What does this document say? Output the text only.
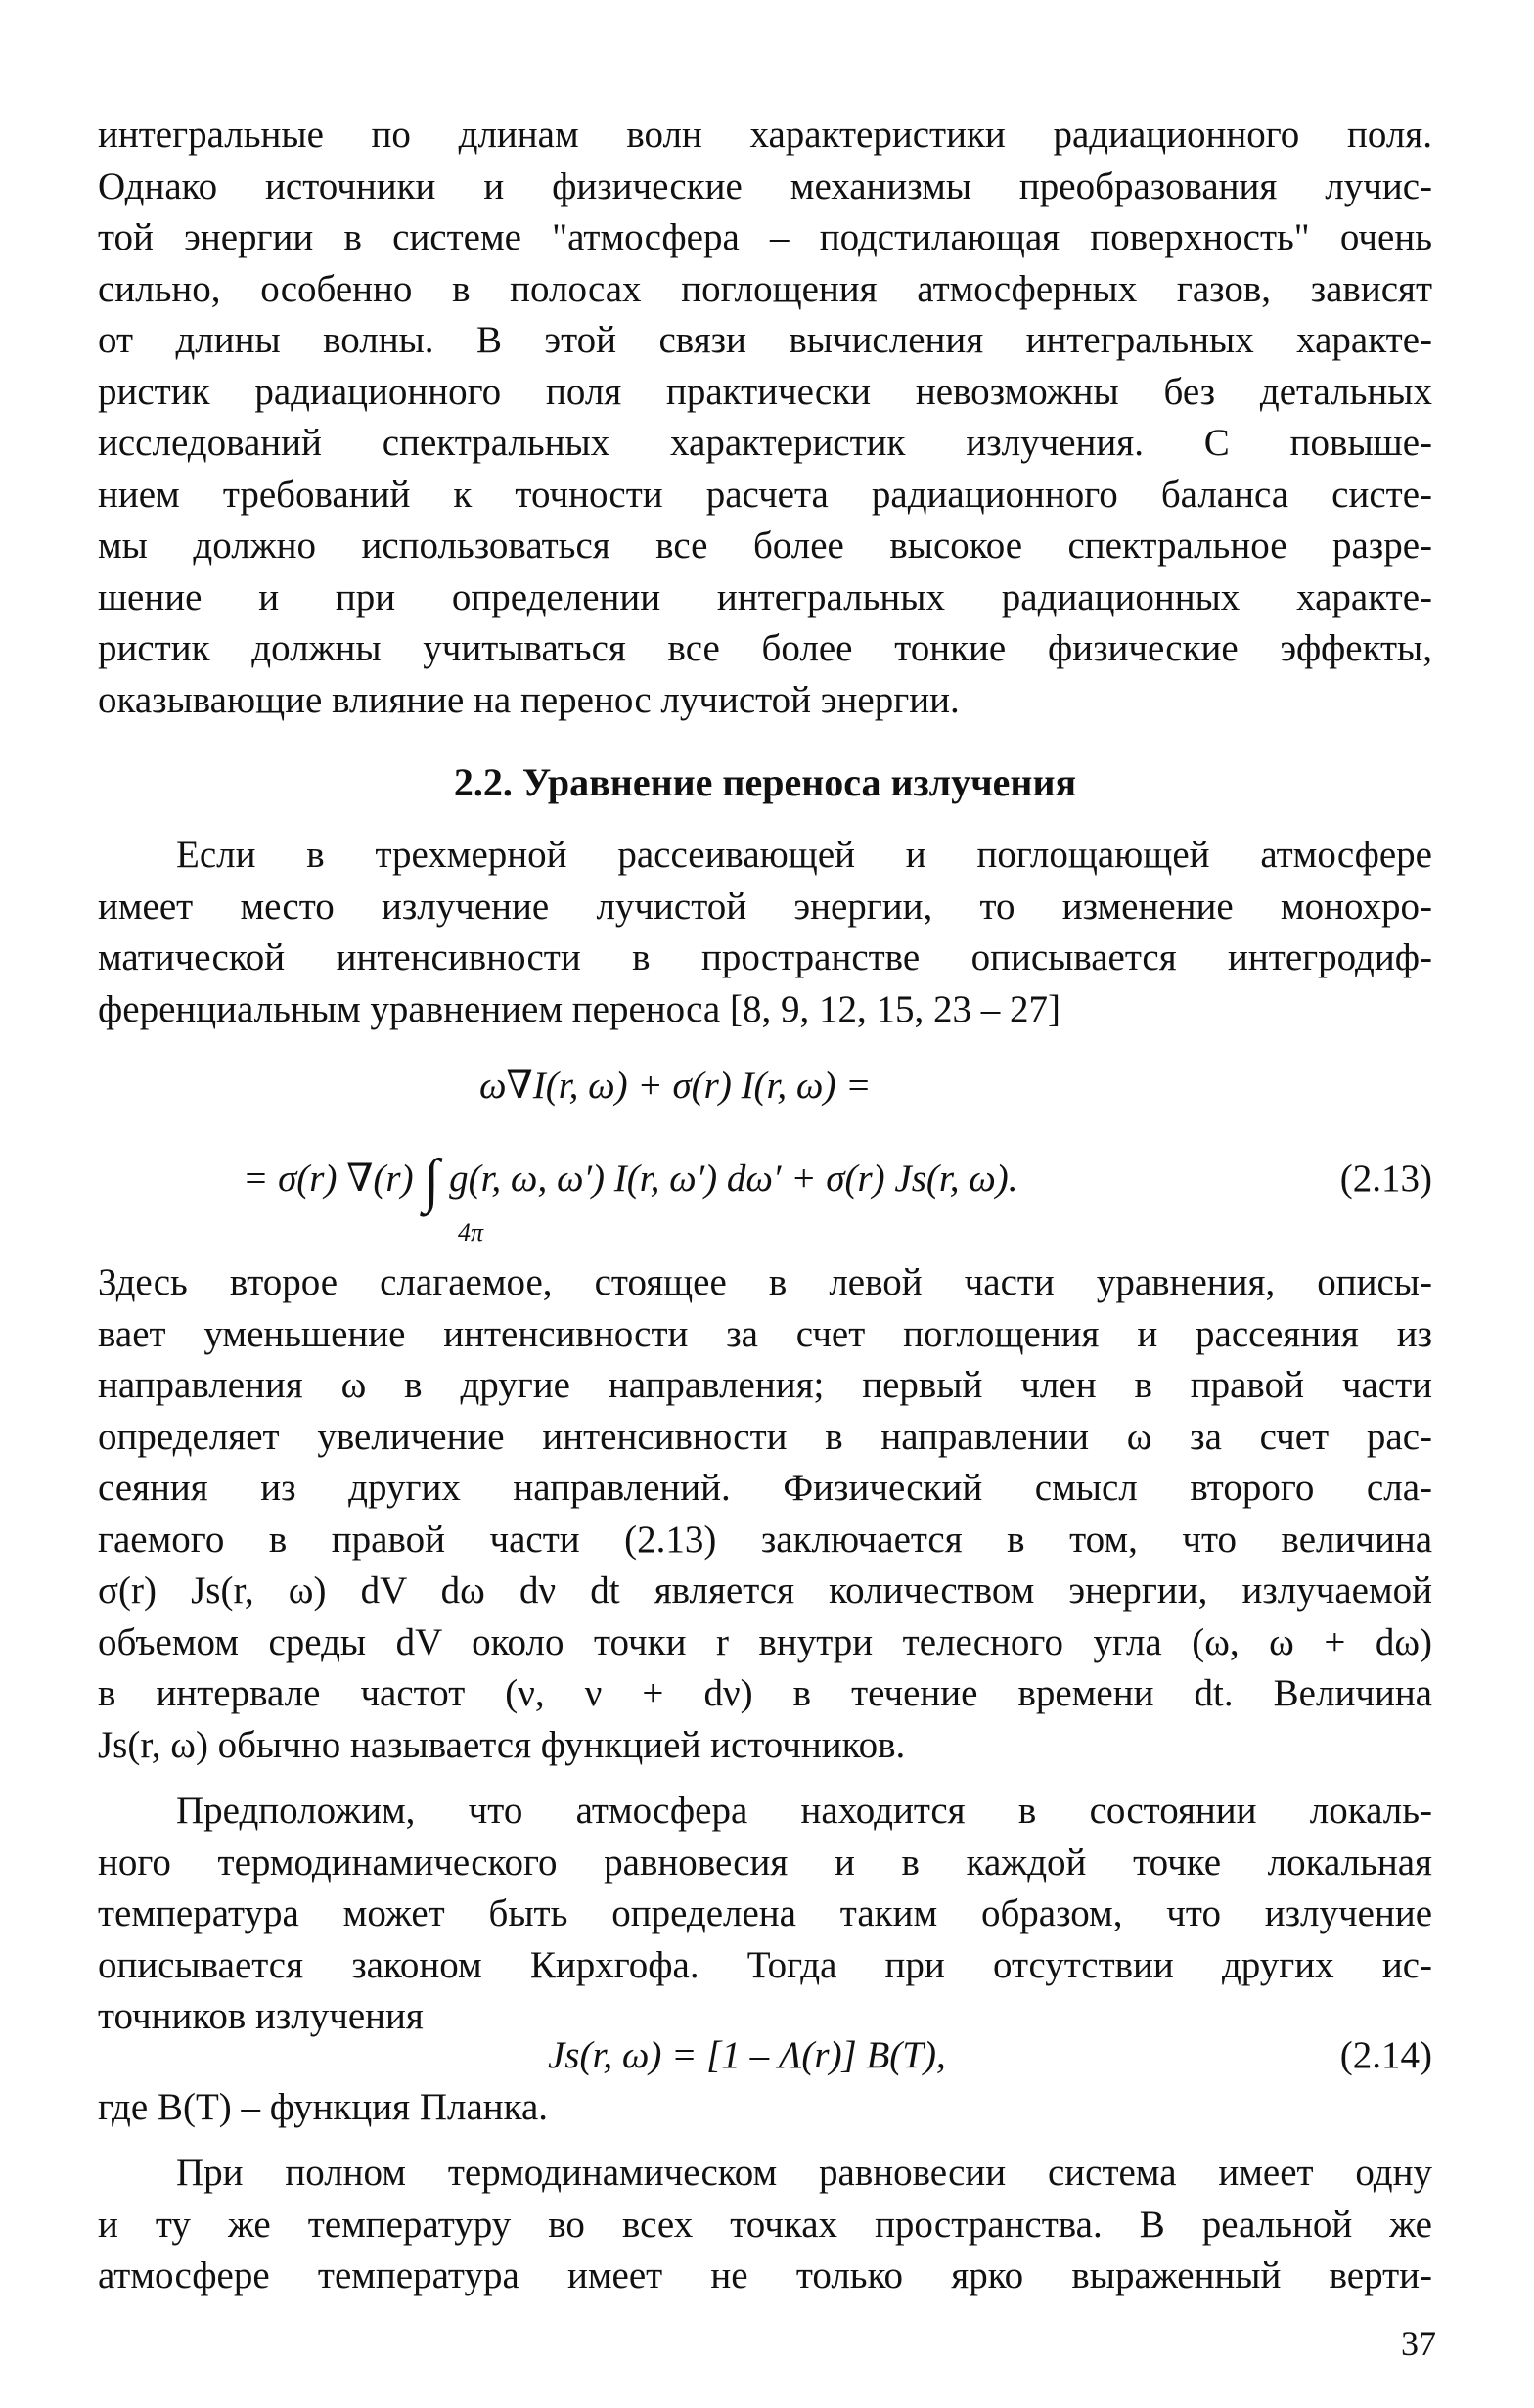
интегральные по длинам волн характеристики радиационного поля.
Однако источники и физические механизмы преобразования лучис-
той энергии в системе "атмосфера – подстилающая поверхность" очень
сильно, особенно в полосах поглощения атмосферных газов, зависят
от длины волны. В этой связи вычисления интегральных характе-
ристик радиационного поля практически невозможны без детальных
исследований спектральных характеристик излучения. С повыше-
нием требований к точности расчета радиационного баланса систе-
мы должно использоваться все более высокое спектральное разре-
шение и при определении интегральных радиационных характе-
ристик должны учитываться все более тонкие физические эффекты,
оказывающие влияние на перенос лучистой энергии.
2.2. Уравнение переноса излучения
Если в трехмерной рассеивающей и поглощающей атмосфере
имеет место излучение лучистой энергии, то изменение монохро-
матической интенсивности в пространстве описывается интегродиф-
ференциальным уравнением переноса [8, 9, 12, 15, 23 – 27]
ω∇I(r, ω) + σ(r) I(r, ω) =
= σ(r) ∇(r) ∫ g(r, ω, ω′) I(r, ω′) dω′ + σ(r) Js(r, ω).
4π
(2.13)
Здесь второе слагаемое, стоящее в левой части уравнения, описы-
вает уменьшение интенсивности за счет поглощения и рассеяния из
направления ω в другие направления; первый член в правой части
определяет увеличение интенсивности в направлении ω за счет рас-
сеяния из других направлений. Физический смысл второго сла-
гаемого в правой части (2.13) заключается в том, что величина
σ(r) Js(r, ω) dV dω dν dt является количеством энергии, излучаемой
объемом среды dV около точки r внутри телесного угла (ω, ω + dω)
в интервале частот (ν, ν + dν) в течение времени dt. Величина
Js(r, ω) обычно называется функцией источников.
Предположим, что атмосфера находится в состоянии локаль-
ного термодинамического равновесия и в каждой точке локальная
температура может быть определена таким образом, что излучение
описывается законом Кирхгофа. Тогда при отсутствии других ис-
точников излучения
Js(r, ω) = [1 – Λ(r)] B(T),	(2.14)
где B(T) – функция Планка.
При полном термодинамическом равновесии система имеет одну
и ту же температуру во всех точках пространства. В реальной же
атмосфере температура имеет не только ярко выраженный верти-
37
